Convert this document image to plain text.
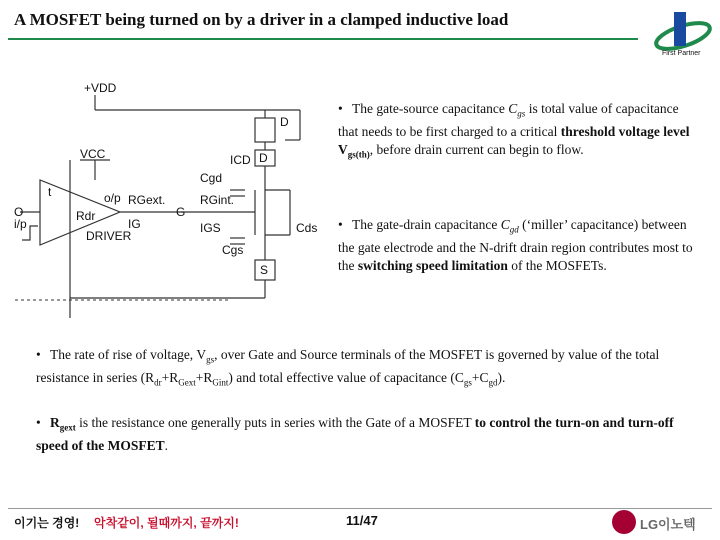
A MOSFET being turned on by a driver in a clamped inductive load
First Partner
+VDD
D
VCC	ICD D
Cgd
RGint.
IGS	Cds
Cgs
S
o/p RGext.
G
Rdr
IG
DRIVER
O
i/p
t
• The gate-source capacitance $C_{gs}$ is total value of capacitance that needs to be first charged to a critical threshold voltage level $V_{gs(th)}$, before drain current can begin to flow.
• The gate-drain capacitance $C_{gd}$ (‘miller’ capacitance) between the gate electrode and the N-drift drain region contributes most to the switching speed limitation of the MOSFETs.
• The rate of rise of voltage, $V_{gs}$, over Gate and Source terminals of the MOSFET is governed by value of the total resistance in series $(R_{dr}+R_{Gext}+R_{Gint})$ and total effective value of capacitance $(C_{gs}+C_{gd})$.
• $R_{gext}$ is the resistance one generally puts in series with the Gate of a MOSFET to control the turn-on and turn-off speed of the MOSFET.
이기는 경영! 악착같이, 될때까지, 끝까지!	11/47	LG이노텍
